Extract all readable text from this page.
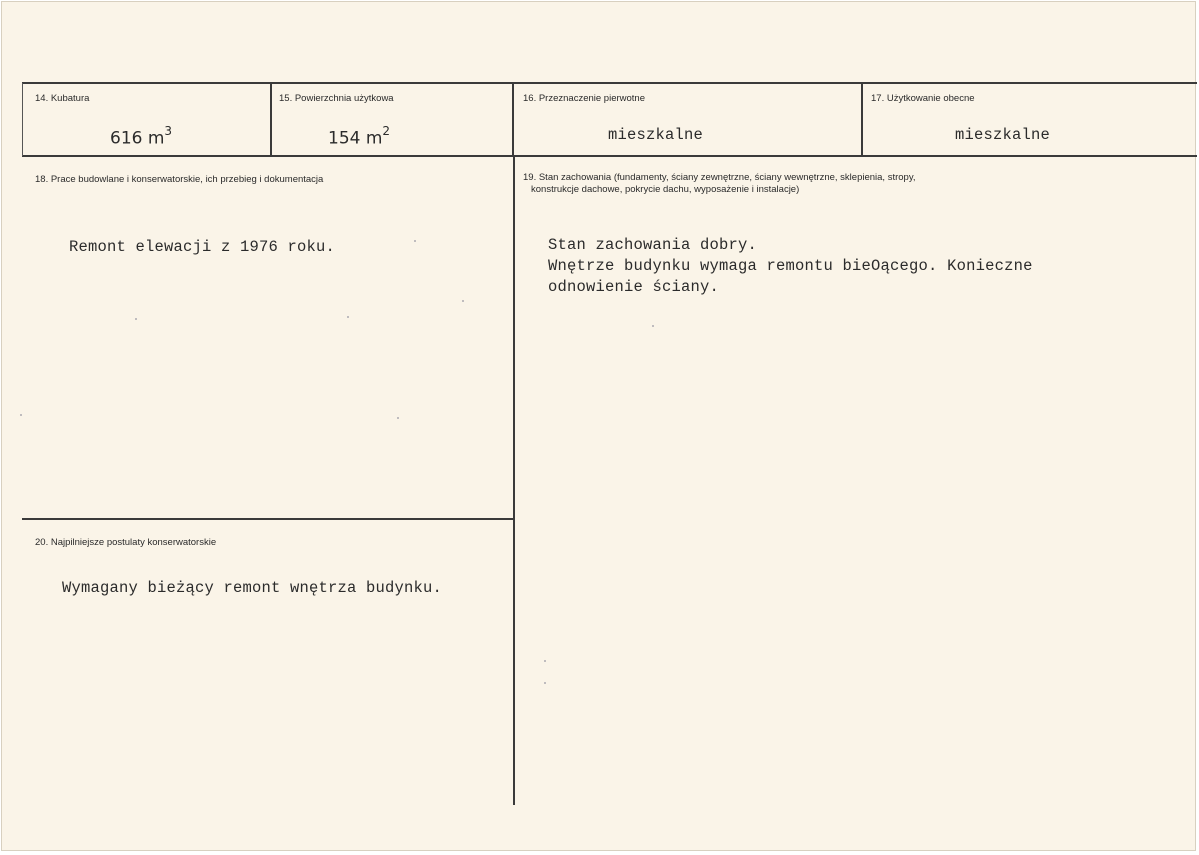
14. Kubatura
616 $m^3$
15. Powierzchnia użytkowa
154 $m^2$
16. Przeznaczenie pierwotne
mieszkalne
17. Użytkowanie obecne
mieszkalne
18. Prace budowlane i konserwatorskie, ich przebieg i dokumentacja
Remont elewacji z 1976 roku.
19. Stan zachowania (fundamenty, ściany zewnętrzne, ściany wewnętrzne, sklepienia, stropy,
konstrukcje dachowe, pokrycie dachu, wyposażenie i instalacje)
Stan zachowania dobry.
Wnętrze budynku wymaga remontu bieOącego. Konieczne
odnowienie ściany.
20. Najpilniejsze postulaty konserwatorskie
Wymagany bieżący remont wnętrza budynku.
